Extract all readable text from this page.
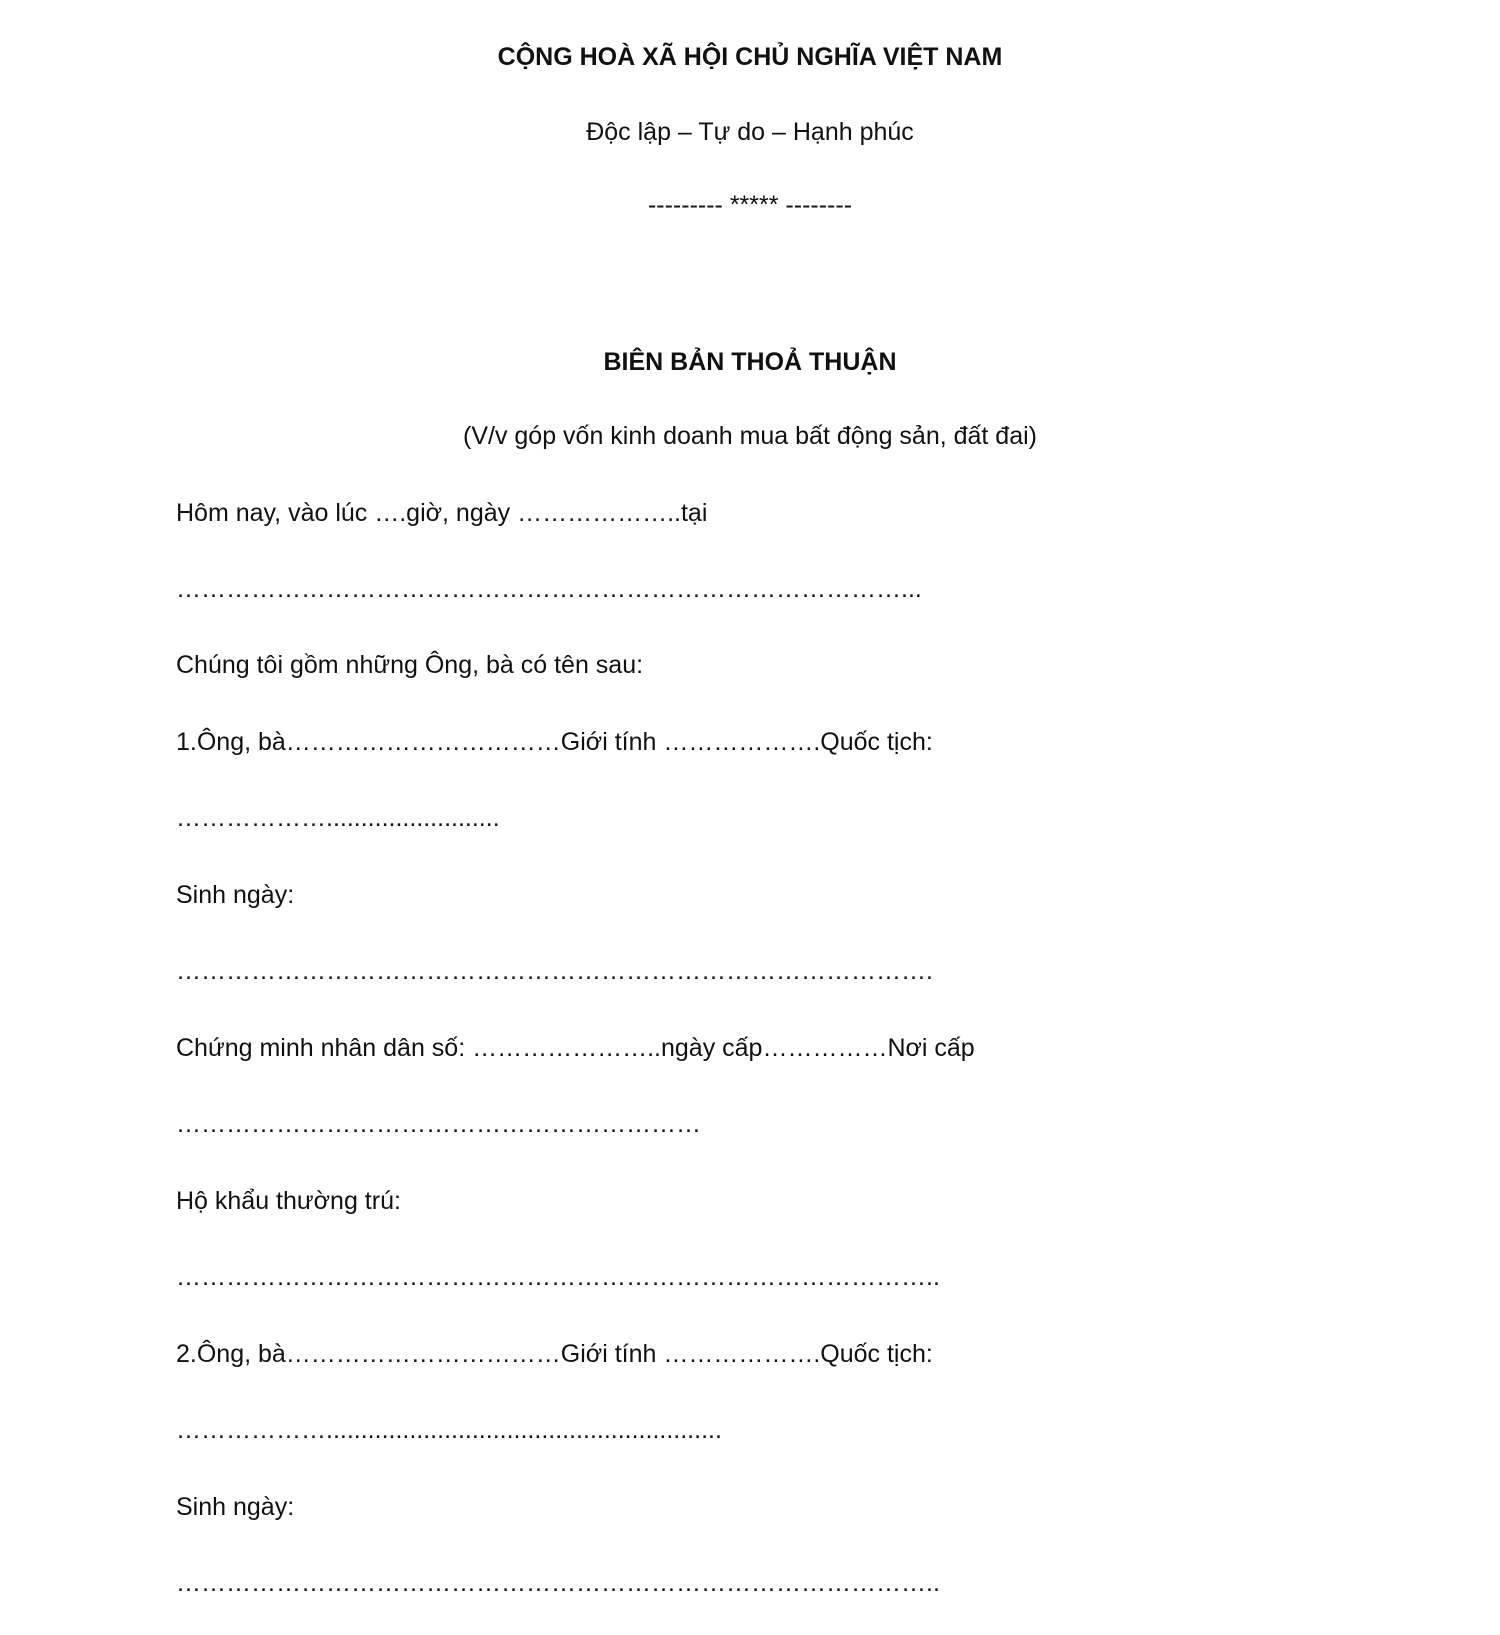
CỘNG HOÀ XÃ HỘI CHỦ NGHĨA VIỆT NAM
Độc lập – Tự do – Hạnh phúc
--------- ***** --------
BIÊN BẢN THOẢ THUẬN
(V/v góp vốn kinh doanh mua bất động sản, đất đai)
Hôm nay, vào lúc ….giờ, ngày ………………..tại
……………………………………………………………………………...
Chúng tôi gồm những Ông, bà có tên sau:
1.Ông, bà……………………………Giới tính ……………….Quốc tịch:
……………….........................
Sinh ngày:
……………………………………………………………………………….
Chứng minh nhân dân số: …………………..ngày cấp……………Nơi cấp
………………………………………………………
Hộ khẩu thường trú:
………………………………………………………………………………..
2.Ông, bà……………………………Giới tính ……………….Quốc tịch:
……………….........................................................
Sinh ngày:
………………………………………………………………………………..
